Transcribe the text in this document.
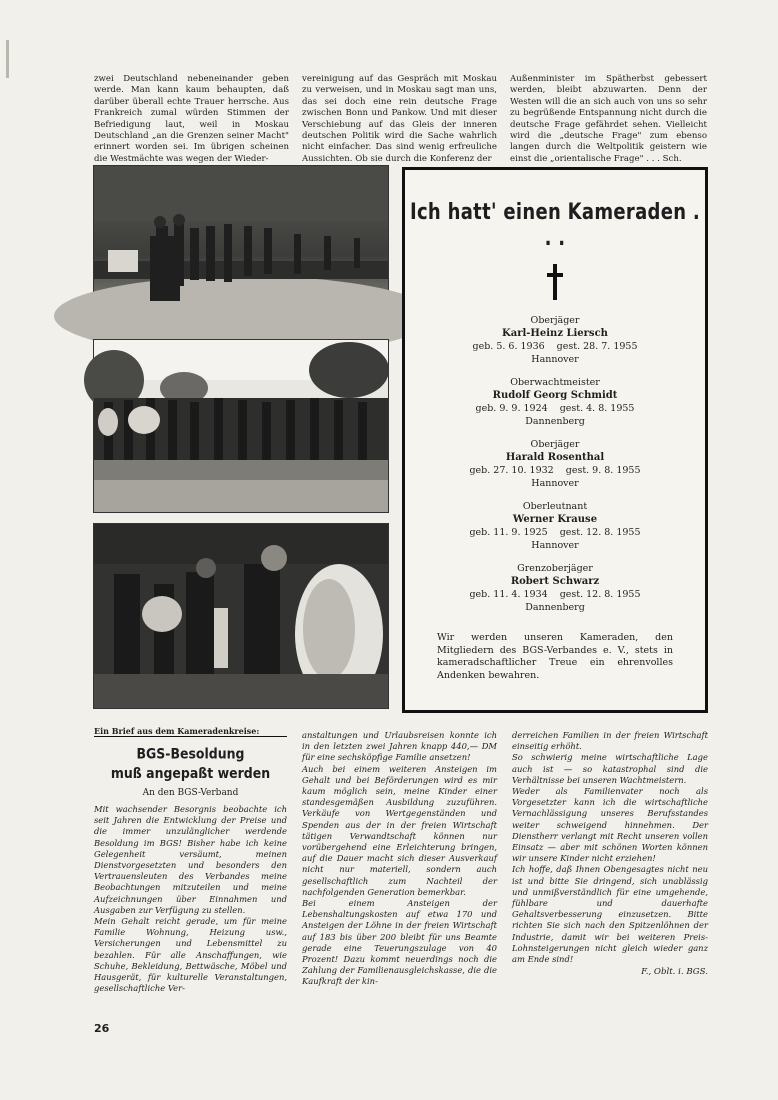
zwei Deutschland nebeneinander geben werde. Man kann kaum behaupten, daß darüber überall echte Trauer herrsche. Aus Frankreich zumal würden Stimmen der Befriedigung laut, weil in Moskau Deutschland „an die Grenzen seiner Macht" erinnert worden sei. Im übrigen scheinen die Westmächte was wegen der Wieder-
vereinigung auf das Gespräch mit Moskau zu verweisen, und in Moskau sagt man uns, das sei doch eine rein deutsche Frage zwischen Bonn und Pankow. Und mit dieser Verschiebung auf das Gleis der inneren deutschen Politik wird die Sache wahrlich nicht einfacher. Das sind wenig erfreuliche Aussichten. Ob sie durch die Konferenz der
Außenminister im Spätherbst gebessert werden, bleibt abzuwarten. Denn der Westen will die an sich auch von uns so sehr zu begrüßende Entspannung nicht durch die deutsche Frage gefährdet sehen. Vielleicht wird die „deutsche Frage" zum ebenso langen durch die Weltpolitik geistern wie einst die „orientalische Frage" . . . Sch.
Ich hatt' einen Kameraden . . .
Oberjäger
Karl-Heinz Liersch
geb. 5. 6. 1936 gest. 28. 7. 1955
Hannover
Oberwachtmeister
Rudolf Georg Schmidt
geb. 9. 9. 1924 gest. 4. 8. 1955
Dannenberg
Oberjäger
Harald Rosenthal
geb. 27. 10. 1932 gest. 9. 8. 1955
Hannover
Oberleutnant
Werner Krause
geb. 11. 9. 1925 gest. 12. 8. 1955
Hannover
Grenzoberjäger
Robert Schwarz
geb. 11. 4. 1934 gest. 12. 8. 1955
Dannenberg
Wir werden unseren Kameraden, den Mitgliedern des BGS-Verbandes e. V., stets in kameradschaftlicher Treue ein ehrenvolles Andenken bewahren.
Ein Brief aus dem Kameradenkreise:
BGS-Besoldung
muß angepaßt werden
An den BGS-Verband
Mit wachsender Besorgnis beobachte ich seit Jahren die Entwicklung der Preise und die immer unzulänglicher werdende Besoldung im BGS! Bisher habe ich keine Gelegenheit versäumt, meinen Dienstvorgesetzten und besonders den Vertrauensleuten des Verbandes meine Beobachtungen mitzuteilen und meine Aufzeichnungen über Einnahmen und Ausgaben zur Verfügung zu stellen.
Mein Gehalt reicht gerade, um für meine Familie Wohnung, Heizung usw., Versicherungen und Lebensmittel zu bezahlen. Für alle Anschaffungen, wie Schuhe, Bekleidung, Bettwäsche, Möbel und Hausgerät, für kulturelle Veranstaltungen, gesellschaftliche Ver-
anstaltungen und Urlaubsreisen konnte ich in den letzten zwei Jahren knapp 440,— DM für eine sechsköpfige Familie ansetzen!
Auch bei einem weiteren Ansteigen im Gehalt und bei Beförderungen wird es mir kaum möglich sein, meine Kinder einer standesgemäßen Ausbildung zuzuführen. Verkäufe von Wertgegenständen und Spenden aus der in der freien Wirtschaft tätigen Verwandtschaft können nur vorübergehend eine Erleichterung bringen, auf die Dauer macht sich dieser Ausverkauf nicht nur materiell, sondern auch gesellschaftlich zum Nachteil der nachfolgenden Generation bemerkbar.
Bei einem Ansteigen der Lebenshaltungskosten auf etwa 170 und Ansteigen der Löhne in der freien Wirtschaft auf 183 bis über 200 bleibt für uns Beamte gerade eine Teuerungszulage von 40 Prozent! Dazu kommt neuerdings noch die Zahlung der Familienausgleichskasse, die die Kaufkraft der kin-
derreichen Familien in der freien Wirtschaft einseitig erhöht.
So schwierig meine wirtschaftliche Lage auch ist — so katastrophal sind die Verhältnisse bei unseren Wachtmeistern.
Weder als Familienvater noch als Vorgesetzter kann ich die wirtschaftliche Vernachlässigung unseres Berufsstandes weiter schweigend hinnehmen. Der Dienstherr verlangt mit Recht unseren vollen Einsatz — aber mit schönen Worten können wir unsere Kinder nicht erziehen!
Ich hoffe, daß Ihnen Obengesagtes nicht neu ist und bitte Sie dringend, sich unablässig und unmißverständlich für eine umgehende, fühlbare und dauerhafte Gehaltsverbesserung einzusetzen. Bitte richten Sie sich nach den Spitzenlöhnen der Industrie, damit wir bei weiteren Preis-Lohnsteigerungen nicht gleich wieder ganz am Ende sind!
F., Oblt. i. BGS.
26
